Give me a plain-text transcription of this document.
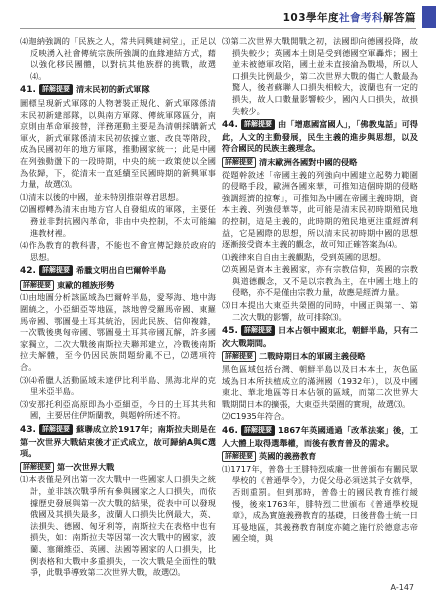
103學年度社會考科解答篇
⑷迦納強調的「民族之人，常共同興建祠堂」，正足以反映湧入社會傳統宗族所強調的血緣連結方式，藉以強化移民團體，以對抗其他族群的挑戰，故選⑷。
41. 詳解提要 清末民初的新式軍隊
圖標呈現新式軍隊的人物著裝正規化、新式軍隊係清末民初新建部隊，以與南方軍隊、傳統軍隊區分，南京則由革命軍接替，洋務運動主要是為清朝採購新式軍火，新式軍隊係清末民初依據立憲、改良等階段，成為民國初年的地方軍隊，推動國家統一；此是中國在列強動盪下的一段時期，中央的統一政策使以全國為依歸，下，從清末一直延續至民國時期的新興軍事力量，故選⑶。
⑴清末以後的中國，並未特別推崇尊君思想。
⑵圖標轉為清末由地方官人自發組成的軍隊，主要任務並非對抗國內革命，非由中央控制，不太可能編進教材裡。
⑷作為教育的教科書，不能也不會宣傳記錄於政府的思想。
42. 詳解提要 希臘文明出自巴爾幹半島
詳解提要 東歐的種族形勢
⑴由地圖分析該區域為巴爾幹半島，愛琴海、地中海圍繞之，小亞細亞等地區，該地曾受羅馬帝國、東羅馬帝國、鄂圖曼土耳其統治，因此民族、信仰複雜，一次戰後奧匈帝國、鄂圖曼土耳其帝國瓦解，許多國家獨立，二次大戰後南斯拉夫聯邦建立，冷戰後南斯拉夫解體，至今仍因民族問題紛亂不已，⑵選項符合。
⑶⑷希臘人活動區域未達伊比利半島、黑海北岸的克里米亞半島。
⑶安那托利亞高原即為小亞細亞，今日的土耳其共和國，主要居住伊斯蘭教，與題幹所述不符。
43. 詳解提要 蘇聯成立於1917年；南斯拉夫則是在第一次世界大戰結束後才正式成立，故可歸納A與C選項。
詳解提要 第一次世界大戰
⑴本表僅是列出第一次大戰中一些國家人口損失之統計，並非該次戰爭所有參與國家之人口損失，而依據歷史發展與第一次大戰的結果，從表中可以發現俄國及其損失最多，波蘭人口損失比例最大，英、法損失、德國、匈牙利等，南斯拉夫在表格中也有損失，如：南斯拉夫等因第一次大戰中的國家，波蘭、塞爾維亞、英國、法國等國家的人口損失，比例表格和大戰中多重損失，一次大戰是全面性的戰爭，此戰爭導致第二次世界大戰，故選⑵。
⑶第二次世界大戰開戰之初，法國即向德國投降，故損失較少；英國本土則是受到德國空軍轟炸；國土並未被德軍攻陷，國土並未直接淪為戰場，所以人口損失比例最少，第二次世界大戰的傷亡人數最為驚人，後者蘇聯人口損失相較大，波蘭也有一定的損失，故人口數量影響較少，國內人口損失，故損失較少。
44. 詳解提要 由「增惠國富國人」，「佛教鬼話」可得此，人文的主動發展，民生主義的進步與思想，以及符合國民的民族主義理念。
詳解提要 清末歐洲各國對中國的侵略
從題幹敘述「帝國主義的列強向中國建立起勢力範圍的侵略手段，歐洲各國來華，可推知這個時期的侵略強調經濟的掠奪」，可推知為中國在帝國主義時期，資本主義、列強侵華等，此可能是清末民初時期殖民地的控制，這是主義的，此時期的殖民地更注重經濟利益，它是國際的思想，所以清末民初時期中國的思想逐漸接受資本主義的觀念，故可知正確答案為⑷。
⑴義律來自自由主義觀點，受到英國的思想。
⑵英國是資本主義國家，亦有宗教信仰，英國的宗教與道德觀念，又不是以宗教為主，在中國土地上的侵略，亦不是僅由宗教力量，故應是經濟力量。
⑶日本提出大東亞共榮圈的同時，中國正與第一、第二次大戰的影響，故可排除⑶。
45. 詳解提要 日本占領中國東北，朝鮮半島，只有二次大戰期間。
詳解提要 二戰時期日本的軍國主義侵略
黑色區域包括台灣、朝鮮半島以及日本本土，灰色區域為日本所扶植成立的滿洲國（1932年），以及中國東北、華北地區等日本佔領的區域，而第二次世界大戰期間日本的擴張，大東亞共榮圈的實現，故選⑶。
⑵C1935年符合。
46. 詳解提要 1867年英國通過「改革法案」後，工人大體上取得選舉權，而後有教育普及的需求。
詳解提要 英國的義務教育
⑴1717年，普魯士王腓特烈威廉一世普頒布有關民眾學校的《普通學令》，力促父母必須送其子女就學，否則重罰。但到那時，普魯士的國民教育推行緩慢，後來1763年，腓特烈二世頒布《普通學校規章》，成為實施義務教育的基礎，日後普魯士統一日耳曼地區，其義務教育制度亦隨之施行於德意志帝國全境，與
A-147
